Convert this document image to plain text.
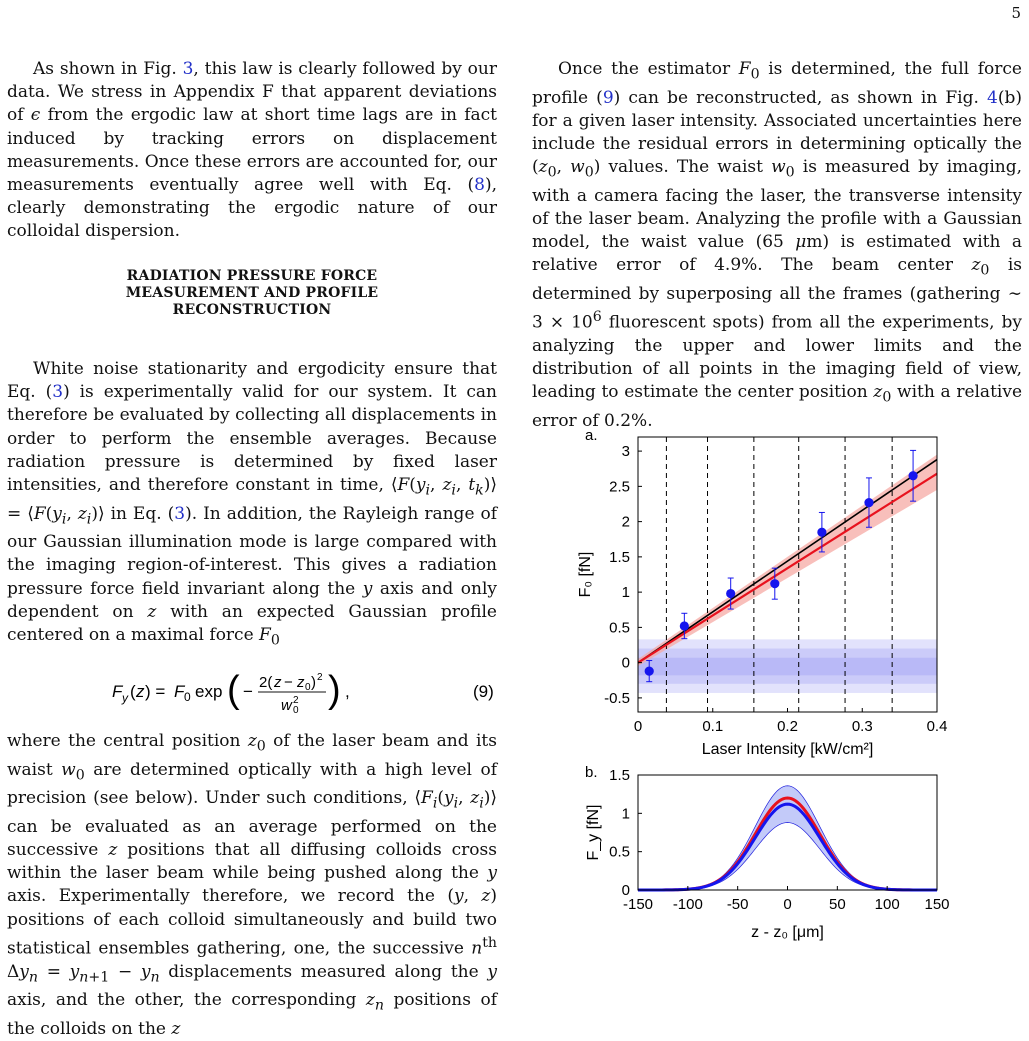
5

As shown in Fig. 3, this law is clearly followed by our data. We stress in Appendix F that apparent deviations of ϵ from the ergodic law at short time lags are in fact induced by tracking errors on displacement measurements. Once these errors are accounted for, our measurements eventually agree well with Eq. (8), clearly demonstrating the ergodic nature of our colloidal dispersion.

RADIATION PRESSURE FORCE MEASUREMENT AND PROFILE RECONSTRUCTION

White noise stationarity and ergodicity ensure that Eq. (3) is experimentally valid for our system. It can therefore be evaluated by collecting all displacements in order to perform the ensemble averages. Because radiation pressure is determined by fixed laser intensities, and therefore constant in time, $⟨F(y_i$, $z_i$, $t_k)⟩$ = $⟨F(y_i$, $z_i)⟩$ in Eq. (3). In addition, the Rayleigh range of our Gaussian illumination mode is large compared with the imaging region-of-interest. This gives a radiation pressure force field invariant along the y axis and only dependent on z with an expected Gaussian profile centered on a maximal force $F_0$

F y ( z ) = F 0 exp ( − 2( z − z 0 ) 2
w 0
2 ) ,	(9)

where the central position $z_0$ of the laser beam and its waist $w_0$ are determined optically with a high level of precision (see below). Under such conditions, $⟨F_i(y_i$, $z_i)⟩$ can be evaluated as an average performed on the successive z positions that all diffusing colloids cross within the laser beam while being pushed along the y axis. Experimentally therefore, we record the (y, z) positions of each colloid simultaneously and build two statistical ensembles gathering, one, the successive $n^{th}$ $\Delta y_n = y_{n+1} - y_n$ displacements measured along the y axis, and the other, the corresponding $z_n$ positions of the colloids on the z

Once the estimator $F_0$ is determined, the full force profile (9) can be reconstructed, as shown in Fig. 4(b) for a given laser intensity. Associated uncertainties here include the residual errors in determining optically the ($z_0$, $w_0$) values. The waist $w_0$ is measured by imaging, with a camera facing the laser, the transverse intensity of the laser beam. Analyzing the profile with a Gaussian model, the waist value (65 μm) is estimated with a relative error of 4.9%. The beam center $z_0$ is determined by superposing all the frames (gathering ∼ $3 \times 10^6$ fluorescent spots) from all the experiments, by analyzing the upper and lower limits and the distribution of all points in the imaging field of view, leading to estimate the center position $z_0$ with a relative error of 0.2%.

0	0.1	0.2	0.3	0.4
-0.5
0
0.5
1
1.5
2
2.5
3
Laser Intensity [kW/cm²]
F₀ [fN]
a.
-150 -100 -50 0 50 100 150
0
0.5
1
1.5
z - z₀ [μm]
F_y [fN]
b.
